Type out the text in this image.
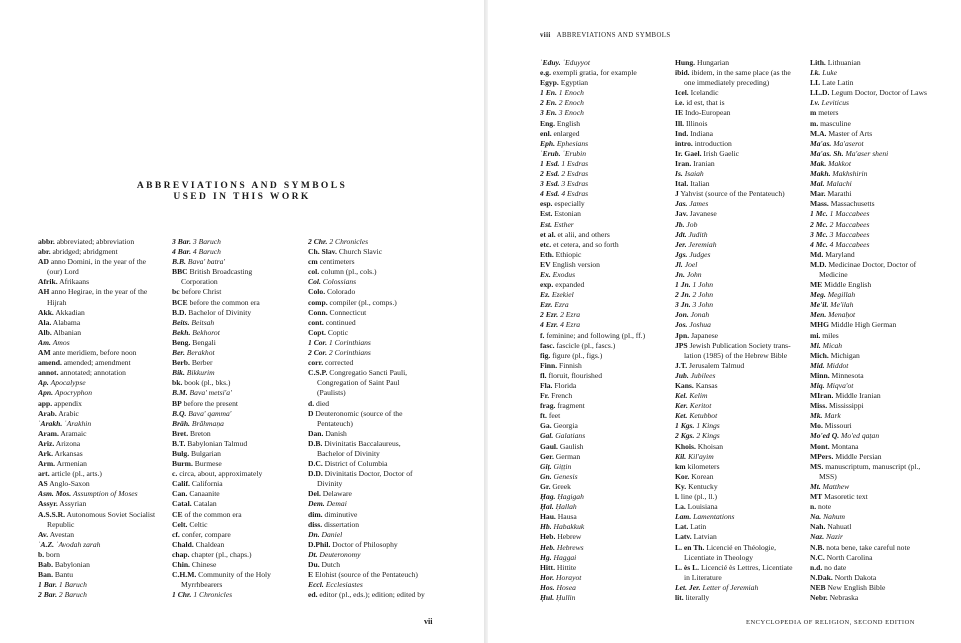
ABBREVIATIONS AND SYMBOLS
USED IN THIS WORK
abbr. abbreviated; abbreviation
abr. abridged; abridgment
AD anno Domini, in the year of the
(our) Lord
Afrik. Afrikaans
AH anno Hegirae, in the year of the
Hijrah
Akk. Akkadian
Ala. Alabama
Alb. Albanian
Am. Amos
AM ante meridiem, before noon
amend. amended; amendment
annot. annotated; annotation
Ap. Apocalypse
Apn. Apocryphon
app. appendix
Arab. Arabic
ʿArakh. ʿArakhin
Aram. Aramaic
Ariz. Arizona
Ark. Arkansas
Arm. Armenian
art. article (pl., arts.)
AS Anglo-Saxon
Asm. Mos. Assumption of Moses
Assyr. Assyrian
A.S.S.R. Autonomous Soviet Socialist
Republic
Av. Avestan
ʿA.Z. ʿAvodah zarah
b. born
Bab. Babylonian
Ban. Bantu
1 Bar. 1 Baruch
2 Bar. 2 Baruch
3 Bar. 3 Baruch
4 Bar. 4 Baruch
B.B. Bava' batra'
BBC British Broadcasting
Corporation
bc before Christ
BCE before the common era
B.D. Bachelor of Divinity
Beits. Beitsah
Bekh. Bekhorot
Beng. Bengali
Ber. Berakhot
Berb. Berber
Bik. Bikkurim
bk. book (pl., bks.)
B.M. Bava' metsi'a'
BP before the present
B.Q. Bava' qamma'
Brāh. Brāhmaṇa
Bret. Breton
B.T. Babylonian Talmud
Bulg. Bulgarian
Burm. Burmese
c. circa, about, approximately
Calif. California
Can. Canaanite
Catal. Catalan
CE of the common era
Celt. Celtic
cf. confer, compare
Chald. Chaldean
chap. chapter (pl., chaps.)
Chin. Chinese
C.H.M. Community of the Holy
Myrrhbearers
1 Chr. 1 Chronicles
2 Chr. 2 Chronicles
Ch. Slav. Church Slavic
cm centimeters
col. column (pl., cols.)
Col. Colossians
Colo. Colorado
comp. compiler (pl., comps.)
Conn. Connecticut
cont. continued
Copt. Coptic
1 Cor. 1 Corinthians
2 Cor. 2 Corinthians
corr. corrected
C.S.P. Congregatio Sancti Pauli,
Congregation of Saint Paul
(Paulists)
d. died
D Deuteronomic (source of the
Pentateuch)
Dan. Danish
D.B. Divinitatis Baccalaureus,
Bachelor of Divinity
D.C. District of Columbia
D.D. Divinitatis Doctor, Doctor of
Divinity
Del. Delaware
Dem. Demai
dim. diminutive
diss. dissertation
Dn. Daniel
D.Phil. Doctor of Philosophy
Dt. Deuteronomy
Du. Dutch
E Elohist (source of the Pentateuch)
Eccl. Ecclesiastes
ed. editor (pl., eds.); edition; edited by
vii
viii ABBREVIATIONS AND SYMBOLS
ʿEduy. ʿEduyyot
e.g. exempli gratia, for example
Egyp. Egyptian
1 En. 1 Enoch
2 En. 2 Enoch
3 En. 3 Enoch
Eng. English
enl. enlarged
Eph. Ephesians
ʿErub. ʿErubin
1 Esd. 1 Esdras
2 Esd. 2 Esdras
3 Esd. 3 Esdras
4 Esd. 4 Esdras
esp. especially
Est. Estonian
Est. Esther
et al. et alii, and others
etc. et cetera, and so forth
Eth. Ethiopic
EV English version
Ex. Exodus
exp. expanded
Ez. Ezekiel
Ezr. Ezra
2 Ezr. 2 Ezra
4 Ezr. 4 Ezra
f. feminine; and following (pl., ff.)
fasc. fascicle (pl., fascs.)
fig. figure (pl., figs.)
Finn. Finnish
fl. floruit, flourished
Fla. Florida
Fr. French
frag. fragment
ft. feet
Ga. Georgia
Gal. Galatians
Gaul. Gaulish
Ger. German
Giṭ. Giṭṭin
Gn. Genesis
Gr. Greek
Ḥag. Ḥagigah
Ḥal. Ḥallah
Hau. Hausa
Hb. Habakkuk
Heb. Hebrew
Heb. Hebrews
Hg. Haggai
Hitt. Hittite
Hor. Horayot
Hos. Hosea
Ḥul. Ḥullin
Hung. Hungarian
ibid. ibidem, in the same place (as the
one immediately preceding)
Icel. Icelandic
i.e. id est, that is
IE Indo-European
Ill. Illinois
Ind. Indiana
intro. introduction
Ir. Gael. Irish Gaelic
Iran. Iranian
Is. Isaiah
Ital. Italian
J Yahvist (source of the Pentateuch)
Jas. James
Jav. Javanese
Jb. Job
Jdt. Judith
Jer. Jeremiah
Jgs. Judges
Jl. Joel
Jn. John
1 Jn. 1 John
2 Jn. 2 John
3 Jn. 3 John
Jon. Jonah
Jos. Joshua
Jpn. Japanese
JPS Jewish Publication Society trans-
lation (1985) of the Hebrew Bible
J.T. Jerusalem Talmud
Jub. Jubilees
Kans. Kansas
Kel. Kelim
Ker. Keritot
Ket. Ketubbot
1 Kgs. 1 Kings
2 Kgs. 2 Kings
Khois. Khoisan
Kil. Kil'ayim
km kilometers
Kor. Korean
Ky. Kentucky
l. line (pl., ll.)
La. Louisiana
Lam. Lamentations
Lat. Latin
Latv. Latvian
L. en Th. Licencié en Théologie,
Licentiate in Theology
L. ès L. Licencié ès Lettres, Licentiate
in Literature
Let. Jer. Letter of Jeremiah
lit. literally
Lith. Lithuanian
Lk. Luke
LL Late Latin
LL.D. Legum Doctor, Doctor of Laws
Lv. Leviticus
m meters
m. masculine
M.A. Master of Arts
Ma'as. Ma'aserot
Ma'as. Sh. Ma'aser sheni
Mak. Makkot
Makh. Makhshirin
Mal. Malachi
Mar. Marathi
Mass. Massachusetts
1 Mc. 1 Maccabees
2 Mc. 2 Maccabees
3 Mc. 3 Maccabees
4 Mc. 4 Maccabees
Md. Maryland
M.D. Medicinae Doctor, Doctor of
Medicine
ME Middle English
Meg. Megillah
Me'il. Me'ilah
Men. Menaḥot
MHG Middle High German
mi. miles
Mi. Micah
Mich. Michigan
Mid. Middot
Minn. Minnesota
Miq. Miqva'ot
MIran. Middle Iranian
Miss. Mississippi
Mk. Mark
Mo. Missouri
Mo'ed Q. Mo'ed qaṭan
Mont. Montana
MPers. Middle Persian
MS. manuscriptum, manuscript (pl.,
MSS)
Mt. Matthew
MT Masoretic text
n. note
Na. Nahum
Nah. Nahuatl
Naz. Nazir
N.B. nota bene, take careful note
N.C. North Carolina
n.d. no date
N.Dak. North Dakota
NEB New English Bible
Nebr. Nebraska
ENCYCLOPEDIA OF RELIGION, SECOND EDITION
